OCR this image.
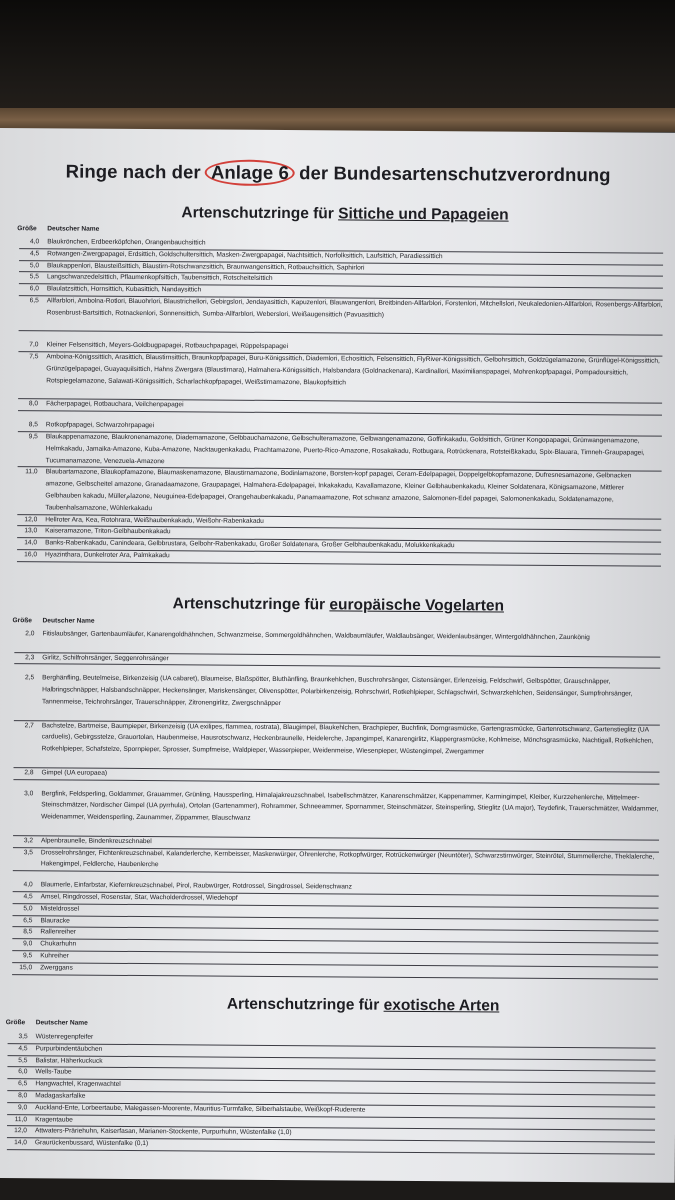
Ringe nach der Anlage 6 der Bundesartenschutzverordnung
Artenschutzringe für Sittiche und Papageien
Größe Deutscher Name
4,0 Blaukrönchen, Erdbeerköpfchen, Orangenbauchsittich
4,5 Rotwangen-Zwergpapagei, Erdsittich, Goldschultersittich, Masken-Zwergpapagei, Nachtsittich, Norfolksittich, Laufsittich, Paradiessittich
5,0 Blaukappenlori, Blausteißsittich, Blaustirn-Rotschwanzsittich, Braunwangensittich, Rotbauchsittich, Saphirlori
5,5 Langschwanzedelsittich, Pflaumenkopfsittich, Taubensittich, Rotscheitelsittich
6,0 Blaulatzsittich, Hornsittich, Kubasittich, Nandaysittich
6,5 Allfarblori, Ambolna-Rotlori, Blauohrlori, Blaustrichellori, Gebirgslori, Jendayasittich, Kapuzenlori, Blauwangenlori, Breitbinden-Allfarblori, Forstenlori, Mitchellslori, Neukaledonien-Allfarblori, Rosenbergs-Allfarblori, Rosenbrust-Bartsittich, Rotnackenlori, Sonnensittich, Sumba-Allfarblori, Weberslori, Weißaugensittich (Pavuasittich)
7,0 Kleiner Felsensittich, Meyers-Goldbugpapagei, Rotbauchpapagei, Rüppelspapagei
7,5 Amboina-Königssittich, Arasittich, Blaustirnsittich, Braunkopfpapagei, Buru-Königssittich, Diademlori, Echosittich, Felsensittich, FlyRiver-Königssittich, Gelbohrsittich, Goldzügelamazone, Grünflügel-Königssittich, Grünzügelpapagei, Guayaquilsittich, Hahns Zwergara (Blaustirnara), Halmahera-Königssittich, Halsbandara (Goldnackenara), Kardinallori, Maximilianspapagei, Mohrenkopfpapagei, Pompadoursittich, Rotspiegelamazone, Salawati-Königssittich, Scharlachkopfpapagei, Weißstirnamazone, Blaukopfsittich
8,0 Fächerpapagei, Rotbauchara, Veilchenpapagei
8,5 Rotkopfpapagei, Schwarzohrpapagei
9,5 Blaukappenamazone, Blaukronenamazone, Diademamazone, Gelbbauchamazone, Gelbschulteramazone, Gelbwangenamazone, Goffinkakadu, Goldsittich, Grüner Kongopapagei, Grünwangenamazone, Helmkakadu, Jamaika-Amazone, Kuba-Amazone, Nacktaugenkakadu, Prachtamazone, Puerto-Rico-Amazone, Rosakakadu, Rotbugara, Rotrückenara, Rotsteißkakadu, Spix-Blauara, Timneh-Graupapagei, Tucumanamazone, Venezuela-Amazone
11,0 Blaubartamazone, Blaukopfamazone, Blaumaskenamazone, Blaustirnamazone, Bodinlamazone, Borsten-kopf papagei, Ceram-Edelpapagei, Doppelgelbkopfamazone, Dufresnesamazone, Gelbnacken amazone, Gelbscheitel amazone, Granadaamazone, Graupapagei, Halmahera-Edelpapagei, Inkakakadu, Kavallamazone, Kleiner Gelbhaubenkakadu, Kleiner Soldatenara, Königsamazone, Mittlerer Gelbhauben kakadu, Müllerامazone, Neuguinea-Edelpapagei, Orangehaubenkakadu, Panamaamazone, Rot schwanz amazone, Salomonen-Edel papagei, Salomonenkakadu, Soldatenamazone, Taubenhalsamazone, Wühlerkakadu
12,0 Hellroter Ara, Kea, Rotohrara, Weißhaubenkakadu, Weißohr-Rabenkakadu
13,0 Kaiseramazone, Triton-Gelbhaubenkakadu
14,0 Banks-Rabenkakadu, Canindeara, Gelbbrustara, Gelbohr-Rabenkakadu, Großer Soldatenara, Großer Gelbhaubenkakadu, Molukkenkakadu
16,0 Hyazinthara, Dunkelroter Ara, Palmkakadu
Artenschutzringe für europäische Vogelarten
Größe Deutscher Name
2,0 Fitislaubsänger, Gartenbaumläufer, Kanarengoldhähnchen, Schwanzmeise, Sommergoldhähnchen, Waldbaumläufer, Waldlaubsänger, Weidenlaubsänger, Wintergoldhähnchen, Zaunkönig
2,3 Girlitz, Schilfrohrsänger, Seggenrohrsänger
2,5 Berghänfling, Beutelmeise, Birkenzeisig (UA cabaret), Blaumeise, Blaßspötter, Bluthänfling, Braunkehlchen, Buschrohrsänger, Cistensänger, Erlenzeisig, Feldschwirl, Gelbspötter, Grauschnäpper, Halbringschnäpper, Halsbandschnäpper, Heckensänger, Mariskensänger, Olivenspötter, Polarbirkenzeisig, Rohrschwirl, Rotkehlpieper, Schlagschwirl, Schwarzkehlchen, Seidensänger, Sumpfrohrsänger, Tannenmeise, Teichrohrsänger, Trauerschnäpper, Zitronengirlitz, Zwergschnäpper
2,7 Bachstelze, Bartmeise, Baumpieper, Birkenzeisig (UA exilipes, flammea, rostrata), Blaugimpel, Blaukehlchen, Brachpieper, Buchfink, Dorngrasmücke, Gartengrasmücke, Gartenrotschwanz, Gartenstieglitz (UA carduelis), Gebirgsstelze, Grauortolan, Haubenmeise, Hausrotschwanz, Heckenbraunelle, Heidelerche, Japangimpel, Kanarengirlitz, Klappergrasmücke, Kohlmeise, Mönchsgrasmücke, Nachtigall, Rotkehlchen, Rotkehlpieper, Schafstelze, Spornpieper, Sprosser, Sumpfmeise, Waldpieper, Wasserpieper, Weidenmeise, Wiesenpieper, Wüstengimpel, Zwergammer
2,8 Gimpel (UA europaea)
3,0 Bergfink, Feldsperling, Goldammer, Grauammer, Grünling, Haussperling, Himalajakreuzschnabel, Isabellschmätzer, Kanarenschmätzer, Kappenammer, Karmingimpel, Kleiber, Kurzzehenlerche, Mittelmeer-Steinschmätzer, Nordischer Gimpel (UA pyrrhula), Ortolan (Gartenammer), Rohrammer, Schneeammer, Spornammer, Steinschmätzer, Steinsperling, Stieglitz (UA major), Teydefink, Trauerschmätzer, Waldammer, Weidenammer, Weidensperling, Zaunammer, Zippammer, Blauschwanz
3,2 Alpenbraunelle, Bindenkreuzschnabel
3,5 Drosselrohrsänger, Fichtenkreuzschnabel, Kalanderlerche, Kernbeisser, Maskenwürger, Ohrenlerche, Rotkopfwürger, Rotrückenwürger (Neuntöter), Schwarzstirnwürger, Steinrötel, Stummellerche, Theklalerche, Hakengimpel, Feldlerche, Haubenlerche
4,0 Blaumerle, Einfarbstar, Kiefernkreuzschnabel, Pirol, Raubwürger, Rotdrossel, Singdrossel, Seidenschwanz
4,5 Amsel, Ringdrossel, Rosenstar, Star, Wacholderdrossel, Wiedehopf
5,0 Misteldrossel
6,5 Blauracke
8,5 Rallenreiher
9,0 Chukarhuhn
9,5 Kuhreiher
15,0 Zwerggans
Artenschutzringe für exotische Arten
Größe Deutscher Name
3,5 Wüstenregenpfeifer
4,5 Purpurbindentäubchen
5,5 Balistar, Häherkuckuck
6,0 Wells-Taube
6,5 Hangwachtel, Kragenwachtel
8,0 Madagaskarfalke
9,0 Auckland-Ente, Lorbeertaube, Malegassen-Moorente, Mauritius-Turmfalke, Silberhalstaube, Weißkopf-Ruderente
11,0 Kragentaube
12,0 Attwaters-Präriehuhn, Kaiserfasan, Marianen-Stockente, Purpurhuhn, Wüstenfalke (1,0)
14,0 Graurückenbussard, Wüstenfalke (0,1)
